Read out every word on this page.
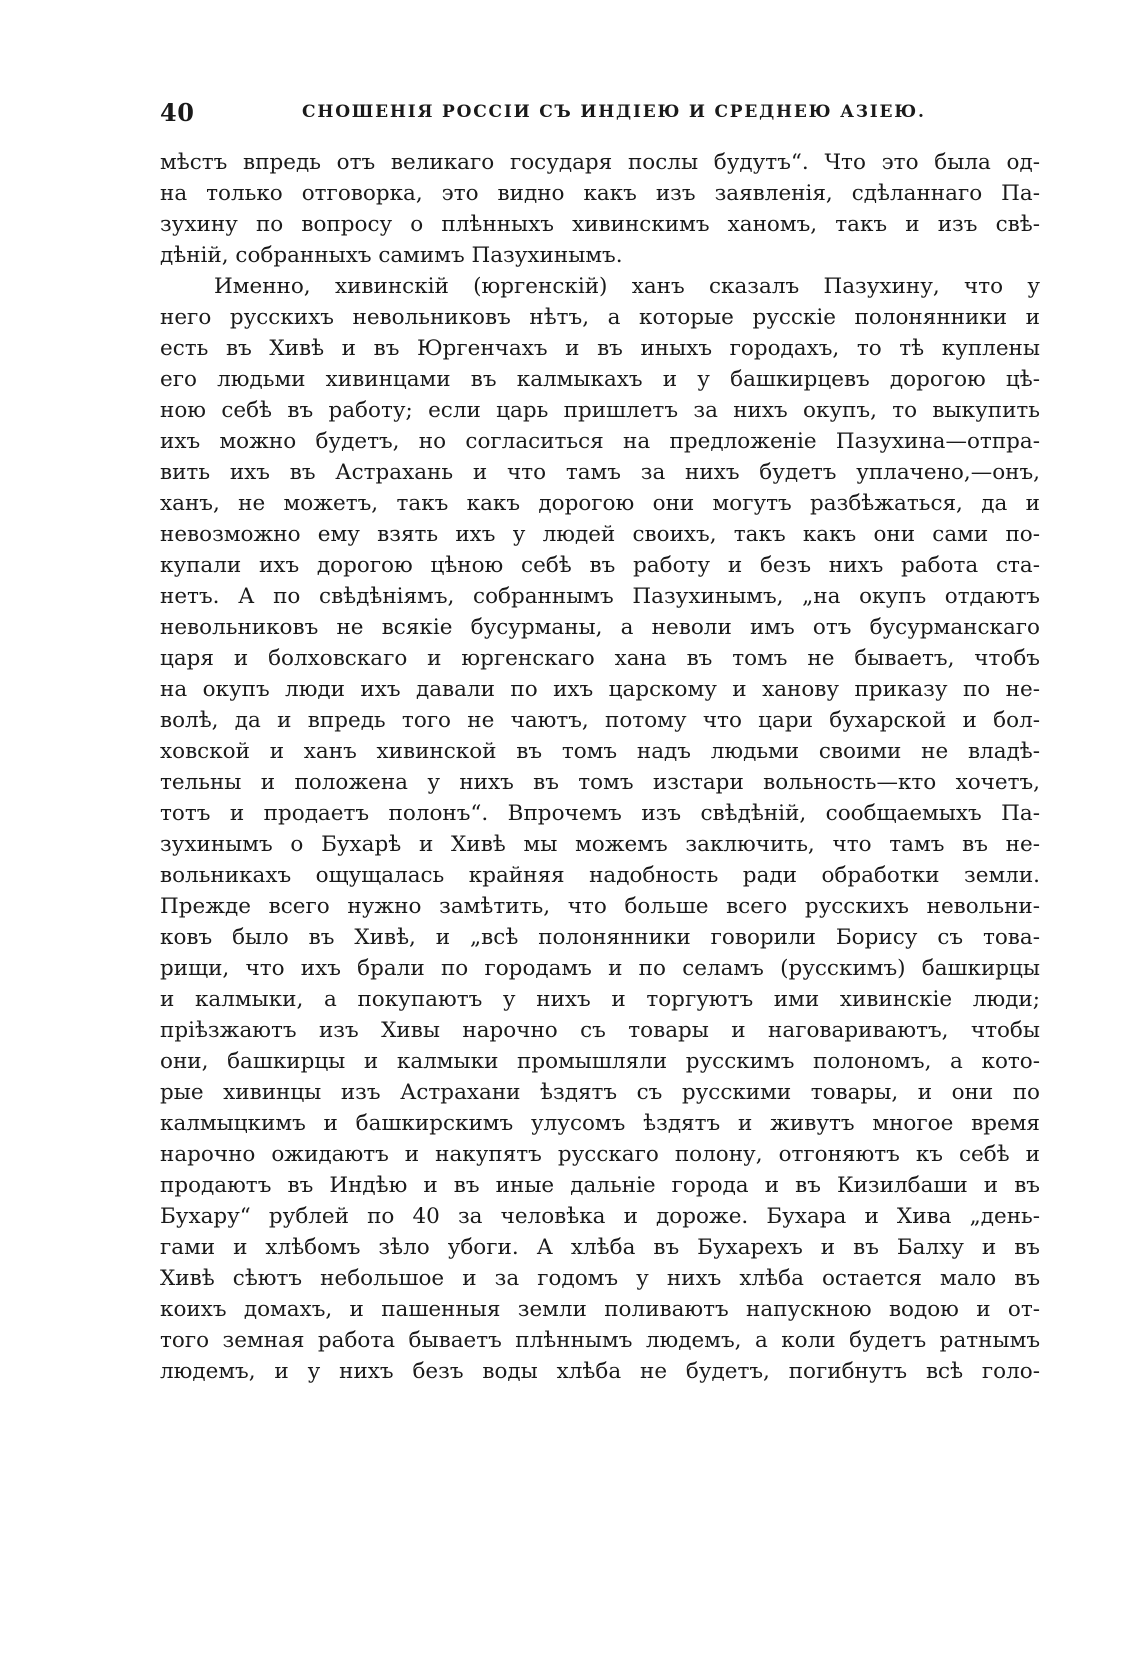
40	СНОШЕНІЯ РОССІИ СЪ ИНДІЕЮ И СРЕДНЕЮ АЗІЕЮ.
мѣстъ впредь отъ великаго государя послы будутъ“. Что это была од-
на только отговорка, это видно какъ изъ заявленія, сдѣланнаго Па-
зухину по вопросу о плѣнныхъ хивинскимъ ханомъ, такъ и изъ свѣ-
дѣній, собранныхъ самимъ Пазухинымъ.
Именно, хивинскій (юргенскій) ханъ сказалъ Пазухину, что у
него русскихъ невольниковъ нѣтъ, а которые русскіе полонянники и
есть въ Хивѣ и въ Юргенчахъ и въ иныхъ городахъ, то тѣ куплены
его людьми хивинцами въ калмыкахъ и у башкирцевъ дорогою цѣ-
ною себѣ въ работу; если царь пришлетъ за нихъ окупъ, то выкупить
ихъ можно будетъ, но согласиться на предложеніе Пазухина—отпра-
вить ихъ въ Астрахань и что тамъ за нихъ будетъ уплачено,—онъ,
ханъ, не можетъ, такъ какъ дорогою они могутъ разбѣжаться, да и
невозможно ему взять ихъ у людей своихъ, такъ какъ они сами по-
купали ихъ дорогою цѣною себѣ въ работу и безъ нихъ работа ста-
нетъ. А по свѣдѣніямъ, собраннымъ Пазухинымъ, „на окупъ отдаютъ
невольниковъ не всякіе бусурманы, а неволи имъ отъ бусурманскаго
царя и болховскаго и юргенскаго хана въ томъ не бываетъ, чтобъ
на окупъ люди ихъ давали по ихъ царскому и ханову приказу по не-
волѣ, да и впредь того не чаютъ, потому что цари бухарской и бол-
ховской и ханъ хивинской въ томъ надъ людьми своими не владѣ-
тельны и положена у нихъ въ томъ изстари вольность—кто хочетъ,
тотъ и продаетъ полонъ“. Впрочемъ изъ свѣдѣній, сообщаемыхъ Па-
зухинымъ о Бухарѣ и Хивѣ мы можемъ заключить, что тамъ въ не-
вольникахъ ощущалась крайняя надобность ради обработки земли.
Прежде всего нужно замѣтить, что больше всего русскихъ невольни-
ковъ было въ Хивѣ, и „всѣ полонянники говорили Борису съ това-
рищи, что ихъ брали по городамъ и по селамъ (русскимъ) башкирцы
и калмыки, а покупаютъ у нихъ и торгуютъ ими хивинскіе люди;
пріѣзжаютъ изъ Хивы нарочно съ товары и наговариваютъ, чтобы
они, башкирцы и калмыки промышляли русскимъ полономъ, а кото-
рые хивинцы изъ Астрахани ѣздятъ съ русскими товары, и они по
калмыцкимъ и башкирскимъ улусомъ ѣздятъ и живутъ многое время
нарочно ожидаютъ и накупятъ русскаго полону, отгоняютъ къ себѣ и
продаютъ въ Индѣю и въ иные дальніе города и въ Кизилбаши и въ
Бухару“ рублей по 40 за человѣка и дороже. Бухара и Хива „день-
гами и хлѣбомъ зѣло убоги. А хлѣба въ Бухарехъ и въ Балху и въ
Хивѣ сѣютъ небольшое и за годомъ у нихъ хлѣба остается мало въ
коихъ домахъ, и пашенныя земли поливаютъ напускною водою и от-
того земная работа бываетъ плѣннымъ людемъ, а коли будетъ ратнымъ
людемъ, и у нихъ безъ воды хлѣба не будетъ, погибнутъ всѣ голо-
